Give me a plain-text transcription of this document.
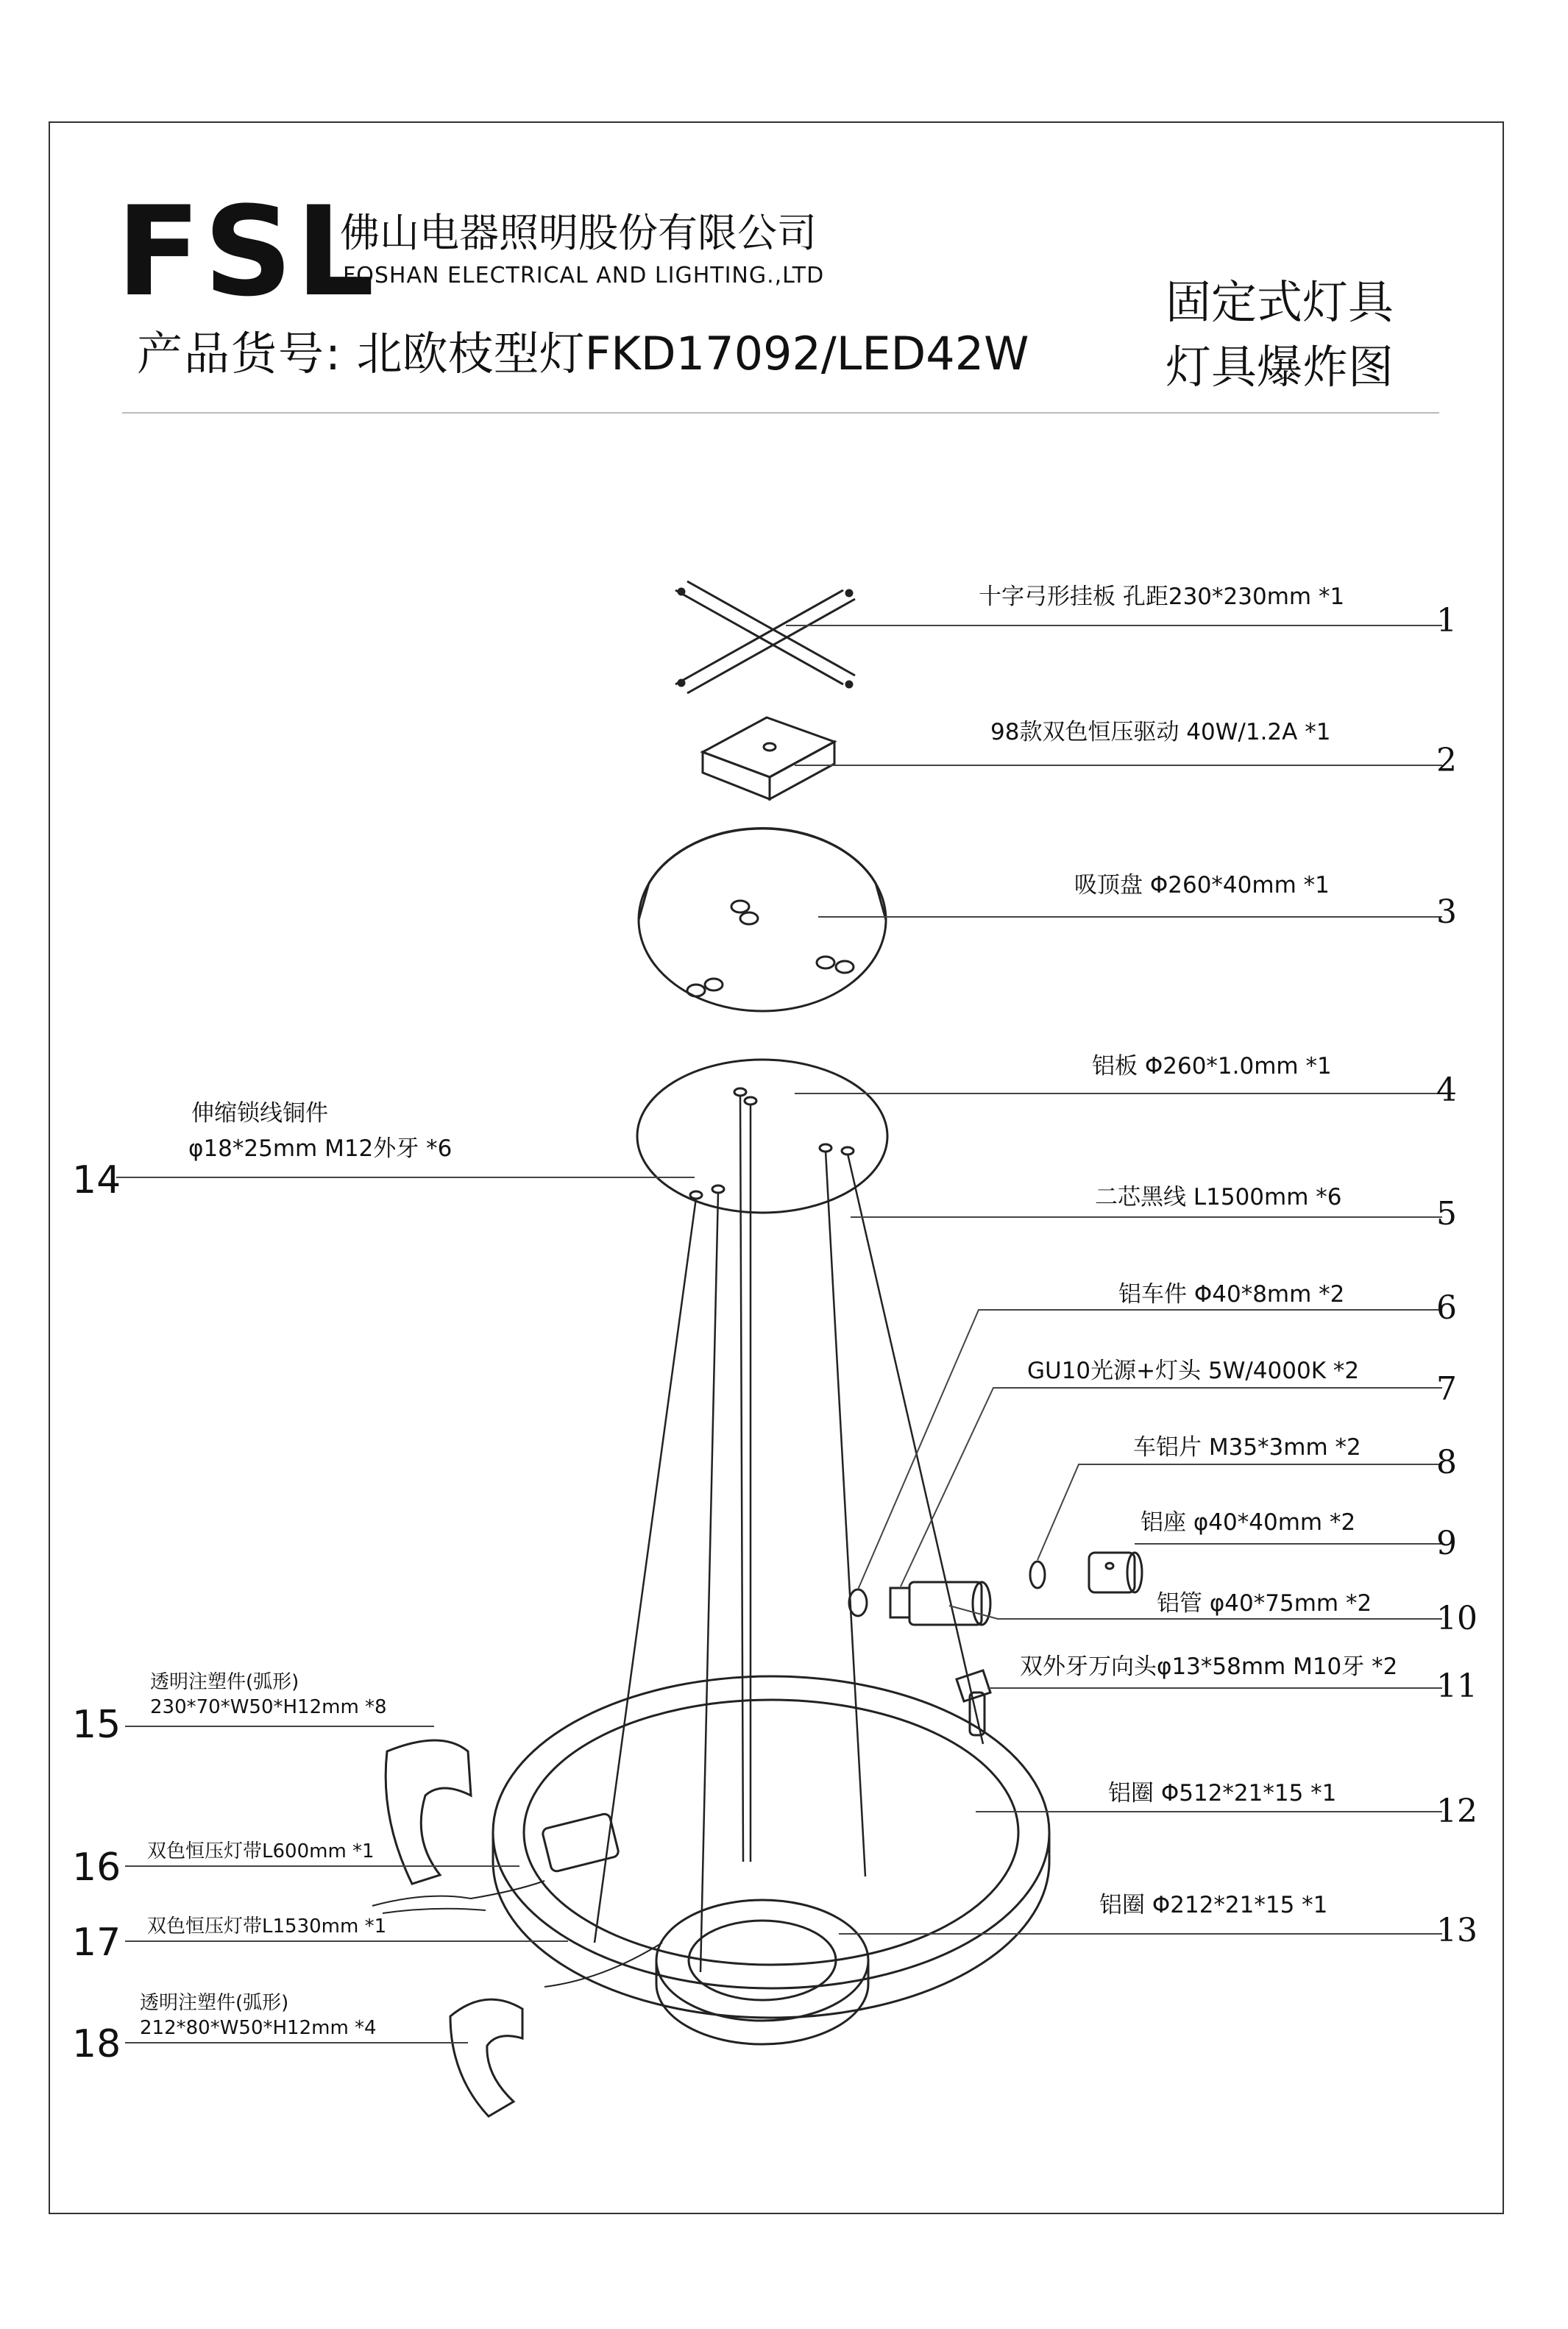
FSL
佛山电器照明股份有限公司
FOSHAN ELECTRICAL AND LIGHTING.,LTD
产品货号: 北欧枝型灯FKD17092/LED42W
固定式灯具
灯具爆炸图
十字弓形挂板 孔距230*230mm *1
1
98款双色恒压驱动 40W/1.2A *1
2
吸顶盘 Φ260*40mm *1
3
铝板 Φ260*1.0mm *1
4
二芯黑线 L1500mm *6	5
铝车件 Φ40*8mm *2	6
GU10光源+灯头 5W/4000K *2 7
车铝片 M35*3mm *2 8
铝座 φ40*40mm *2
9
铝管 φ40*75mm *2 10
双外牙万向头φ13*58mm M10牙 *2
11
铝圈 Φ512*21*15 *1	12
铝圈 Φ212*21*15 *1
13
伸缩锁线铜件
φ18*25mm M12外牙 *6
14
透明注塑件(弧形)
230*70*W50*H12mm *8
15
双色恒压灯带L600mm *1
16
双色恒压灯带L1530mm *1
17
透明注塑件(弧形)
212*80*W50*H12mm *4
18
